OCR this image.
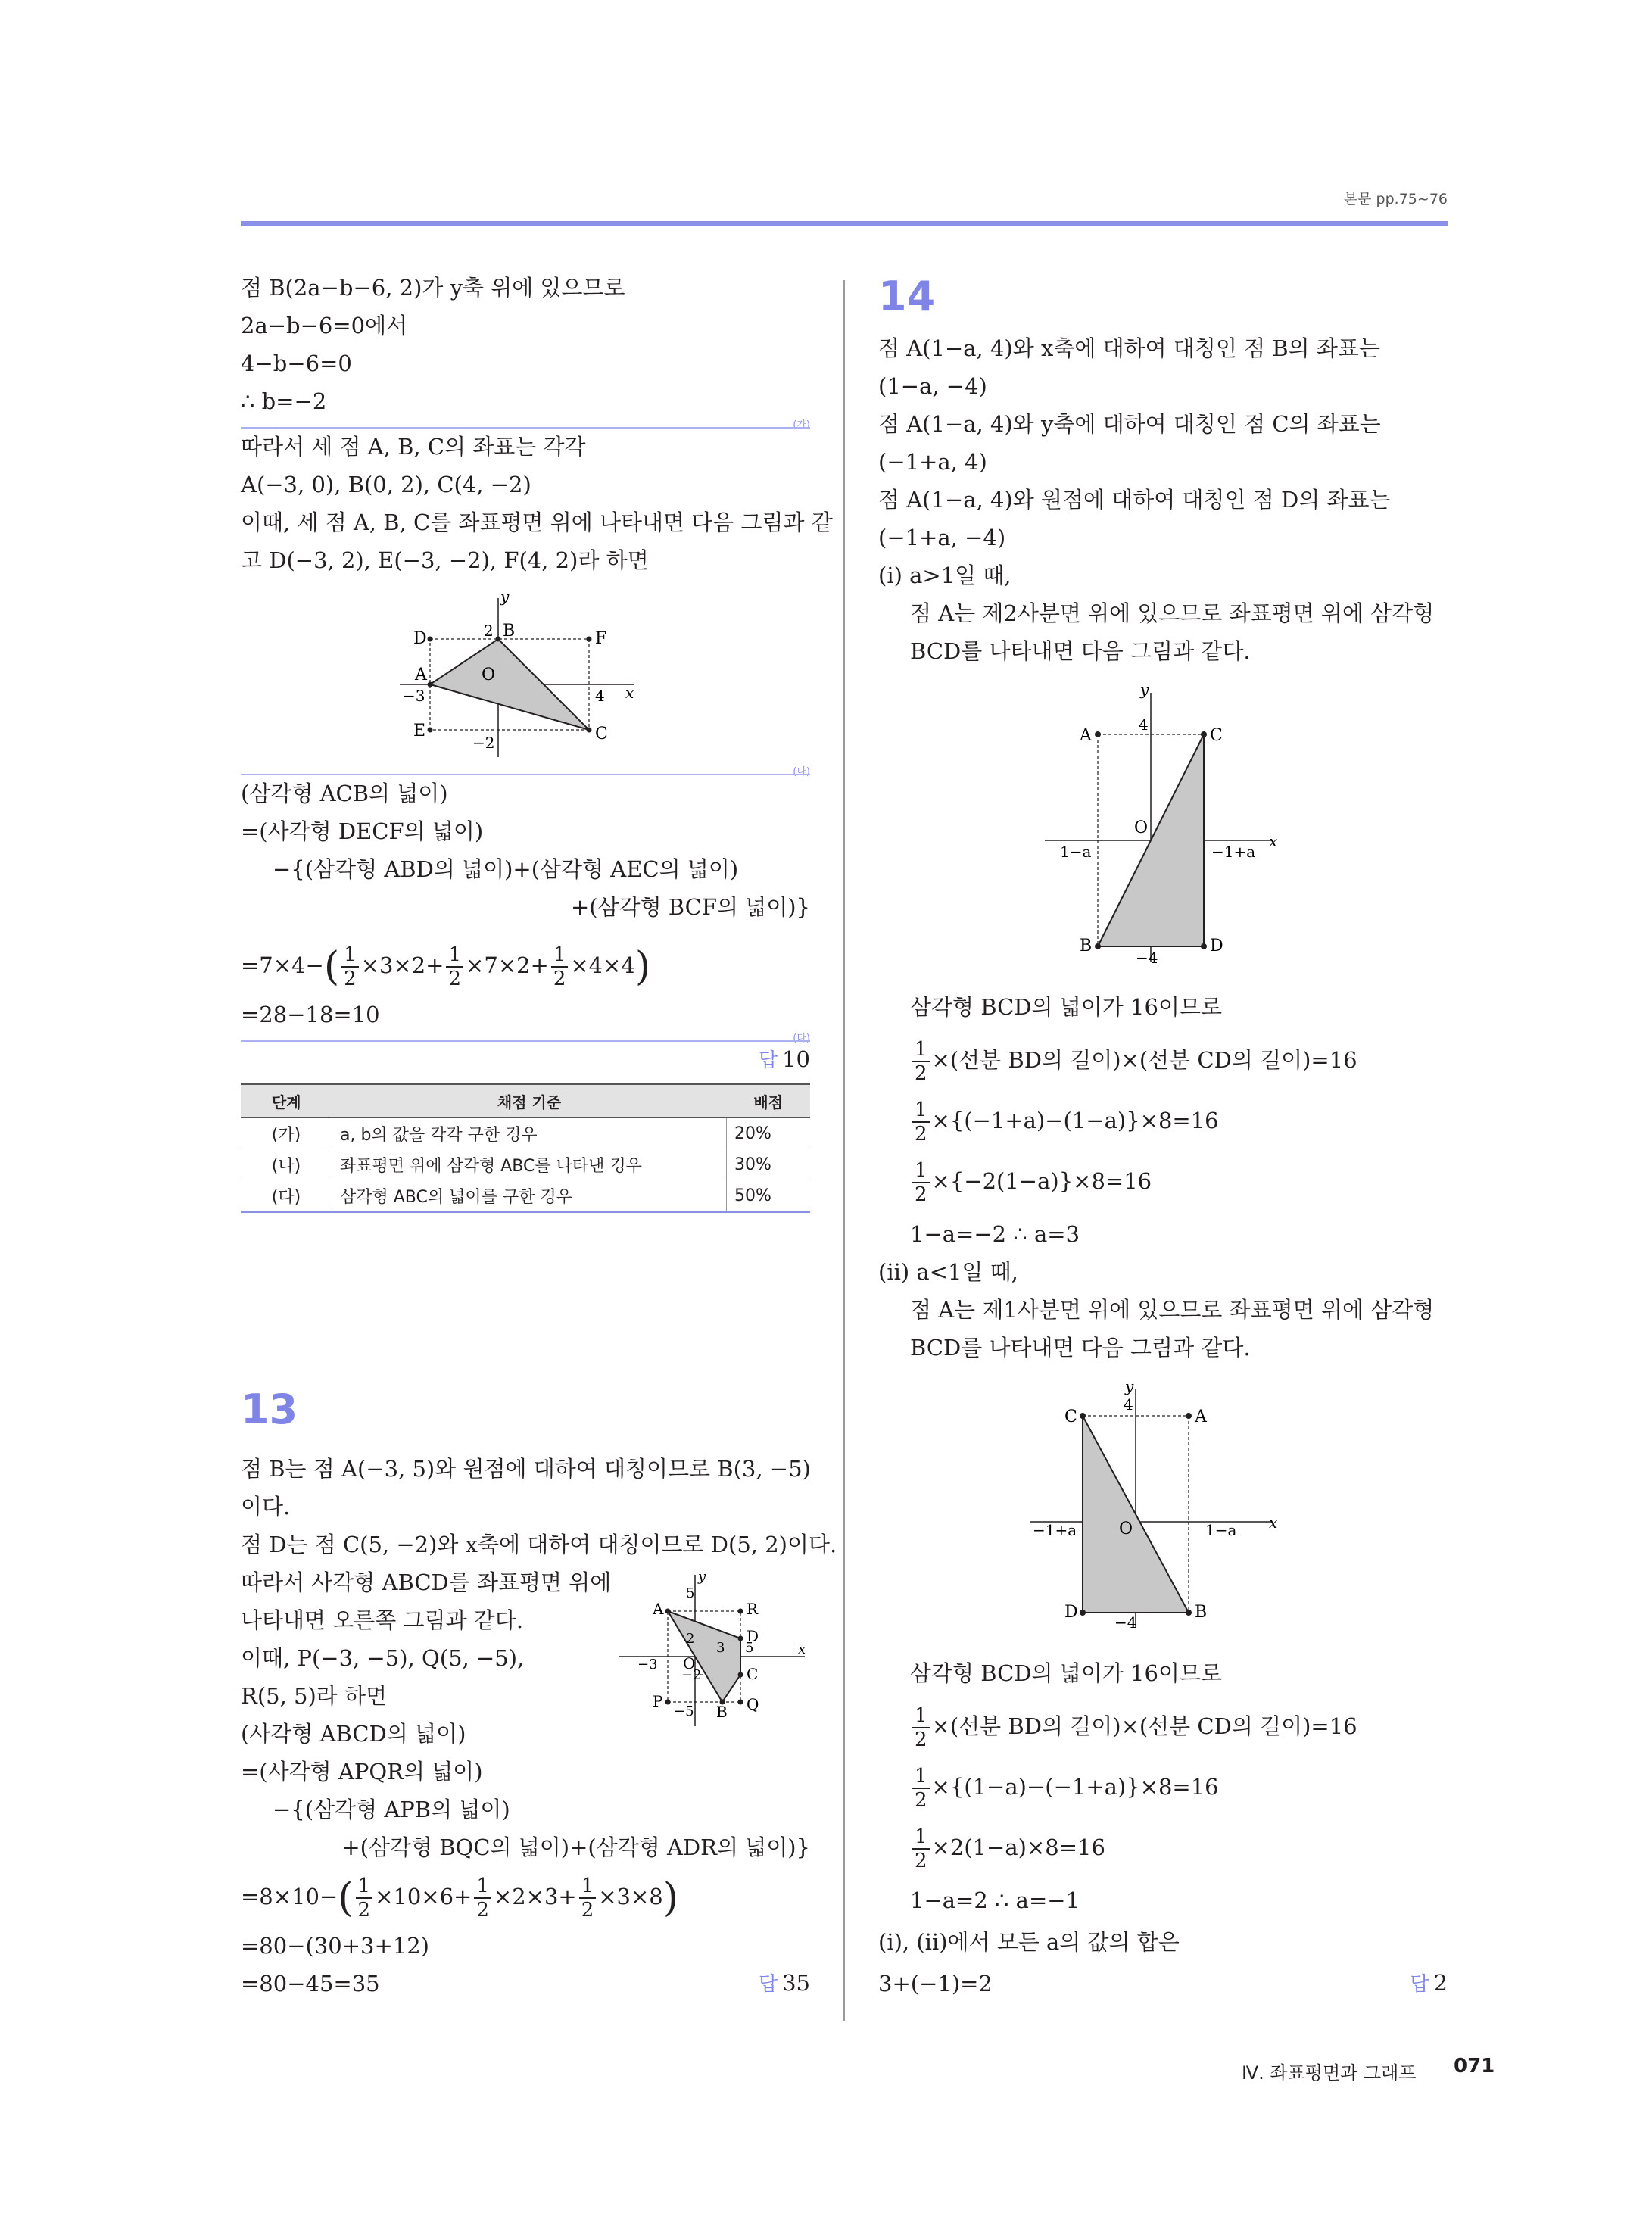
본문 pp.75~76
점 B(2a−b−6, 2)가 y축 위에 있으므로
2a−b−6=0에서
4−b−6=0
∴ b=−2
(가)
따라서 세 점 A, B, C의 좌표는 각각
A(−3, 0), B(0, 2), C(4, −2)
이때, 세 점 A, B, C를 좌표평면 위에 나타내면 다음 그림과 같
고 D(−3, 2), E(−3, −2), F(4, 2)라 하면
y
x
D	2 B	F
A	O
−3	4
E	C
−2
(나)
(삼각형 ACB의 넓이)
=(사각형 DECF의 넓이)
−{(삼각형 ABD의 넓이)+(삼각형 AEC의 넓이)
+(삼각형 BCF의 넓이)}
$=7\times 4-( \frac{1}{2} \times 3\times 2+ \frac{1}{2} \times 7\times 2+ \frac{1}{2} \times 4\times 4)$
=28−18=10
(다)
답 10
단계	채점 기준	배점
(가)	a, b의 값을 각각 구한 경우	20%
(나)	좌표평면 위에 삼각형 ABC를 나타낸 경우	30%
(다)	삼각형 ABC의 넓이를 구한 경우	50%
13
점 B는 점 A(−3, 5)와 원점에 대하여 대칭이므로 B(3, −5)
이다.
점 D는 점 C(5, −2)와 x축에 대하여 대칭이므로 D(5, 2)이다.
따라서 사각형 ABCD를 좌표평면 위에
나타내면 오른쪽 그림과 같다.
이때, P(−3, −5), Q(5, −5),
R(5, 5)라 하면
(사각형 ABCD의 넓이)
=(사각형 APQR의 넓이)
−{(삼각형 APB의 넓이)
+(삼각형 BQC의 넓이)+(삼각형 ADR의 넓이)}
y
x
A
5
R
D
2
3 5
−3 O
−2	C
P
−5 B Q
$=8\times 10-( \frac{1}{2} \times 10\times 6+ \frac{1}{2} \times 2\times 3+ \frac{1}{2} \times 3\times 8)$
=80−(30+3+12)
=80−45=35	답 35
14
점 A(1−a, 4)와 x축에 대하여 대칭인 점 B의 좌표는
(1−a, −4)
점 A(1−a, 4)와 y축에 대하여 대칭인 점 C의 좌표는
(−1+a, 4)
점 A(1−a, 4)와 원점에 대하여 대칭인 점 D의 좌표는
(−1+a, −4)
(ⅰ) a>1일 때,
점 A는 제2사분면 위에 있으므로 좌표평면 위에 삼각형
BCD를 나타내면 다음 그림과 같다.
y
x
A
4
C
O
1−a	−1+a
B
−4
D
삼각형 BCD의 넓이가 16이므로
$\frac{1}{2}$ ×(선분 BD의 길이)×(선분 CD의 길이)=16
$\frac{1}{2} \times\{(-1+a)-(1-a)\}\times 8=16$
$\frac{1}{2} \times\{-2(1-a)\}\times 8=16$
1−a=−2 ∴ a=3
(ⅱ) a<1일 때,
점 A는 제1사분면 위에 있으므로 좌표평면 위에 삼각형
BCD를 나타내면 다음 그림과 같다.
y
x
C
4
A
−1+a	O	1−a
D
−4
B
삼각형 BCD의 넓이가 16이므로
$\frac{1}{2}$ ×(선분 BD의 길이)×(선분 CD의 길이)=16
$\frac{1}{2} \times\{(1-a)-(-1+a)\}\times 8=16$
$\frac{1}{2} \times 2(1-a)\times 8=16$
1−a=2 ∴ a=−1
(ⅰ), (ⅱ)에서 모든 a의 값의 합은
3+(−1)=2	답 2
Ⅳ. 좌표평면과 그래프 071
